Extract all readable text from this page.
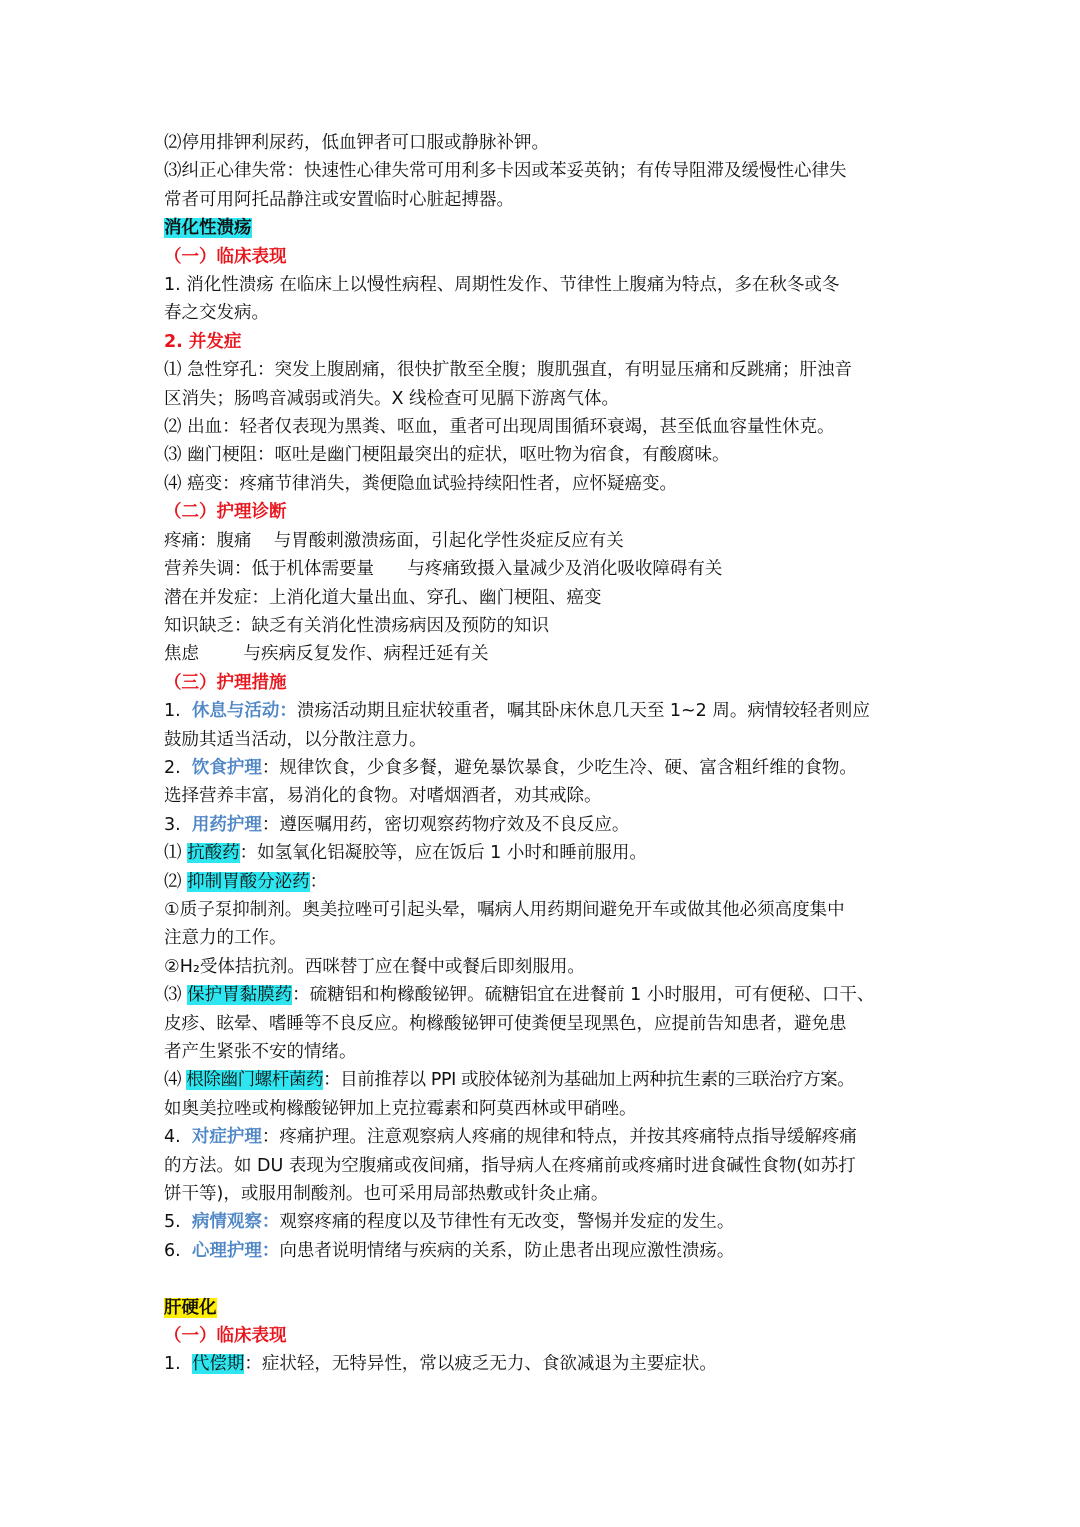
⑵停用排钾利尿药，低血钾者可口服或静脉补钾。
⑶纠正心律失常：快速性心律失常可用利多卡因或苯妥英钠；有传导阻滞及缓慢性心律失
常者可用阿托品静注或安置临时心脏起搏器。
消化性溃疡
（一）临床表现
1. 消化性溃疡 在临床上以慢性病程、周期性发作、节律性上腹痛为特点，多在秋冬或冬
春之交发病。
2. 并发症
⑴ 急性穿孔：突发上腹剧痛，很快扩散至全腹；腹肌强直，有明显压痛和反跳痛；肝浊音
区消失；肠鸣音减弱或消失。X 线检查可见膈下游离气体。
⑵ 出血：轻者仅表现为黑粪、呕血，重者可出现周围循环衰竭，甚至低血容量性休克。
⑶ 幽门梗阻：呕吐是幽门梗阻最突出的症状，呕吐物为宿食，有酸腐味。
⑷ 癌变：疼痛节律消失，粪便隐血试验持续阳性者，应怀疑癌变。
（二）护理诊断
疼痛：腹痛    与胃酸刺激溃疡面，引起化学性炎症反应有关
营养失调：低于机体需要量      与疼痛致摄入量减少及消化吸收障碍有关
潜在并发症：上消化道大量出血、穿孔、幽门梗阻、癌变
知识缺乏：缺乏有关消化性溃疡病因及预防的知识
焦虑        与疾病反复发作、病程迁延有关
（三）护理措施
1.  休息与活动：溃疡活动期且症状较重者，嘱其卧床休息几天至 1~2 周。病情较轻者则应
鼓励其适当活动，以分散注意力。
2.  饮食护理：规律饮食，少食多餐，避免暴饮暴食，少吃生冷、硬、富含粗纤维的食物。
选择营养丰富，易消化的食物。对嗜烟酒者，劝其戒除。
3.  用药护理：遵医嘱用药，密切观察药物疗效及不良反应。
⑴ 抗酸药：如氢氧化铝凝胶等，应在饭后 1 小时和睡前服用。
⑵ 抑制胃酸分泌药：
①质子泵抑制剂。奥美拉唑可引起头晕，嘱病人用药期间避免开车或做其他必须高度集中
注意力的工作。
②H₂受体拮抗剂。西咪替丁应在餐中或餐后即刻服用。
⑶ 保护胃黏膜药：硫糖铝和枸橼酸铋钾。硫糖铝宜在进餐前 1 小时服用，可有便秘、口干、
皮疹、眩晕、嗜睡等不良反应。枸橼酸铋钾可使粪便呈现黑色，应提前告知患者，避免患
者产生紧张不安的情绪。
⑷ 根除幽门螺杆菌药：目前推荐以 PPI 或胶体铋剂为基础加上两种抗生素的三联治疗方案。
如奥美拉唑或枸橼酸铋钾加上克拉霉素和阿莫西林或甲硝唑。
4.  对症护理：疼痛护理。注意观察病人疼痛的规律和特点，并按其疼痛特点指导缓解疼痛
的方法。如 DU 表现为空腹痛或夜间痛，指导病人在疼痛前或疼痛时进食碱性食物(如苏打
饼干等)，或服用制酸剂。也可采用局部热敷或针灸止痛。
5.  病情观察：观察疼痛的程度以及节律性有无改变，警惕并发症的发生。
6.  心理护理：向患者说明情绪与疾病的关系，防止患者出现应激性溃疡。
肝硬化
（一）临床表现
1.  代偿期：症状轻，无特异性，常以疲乏无力、食欲减退为主要症状。
